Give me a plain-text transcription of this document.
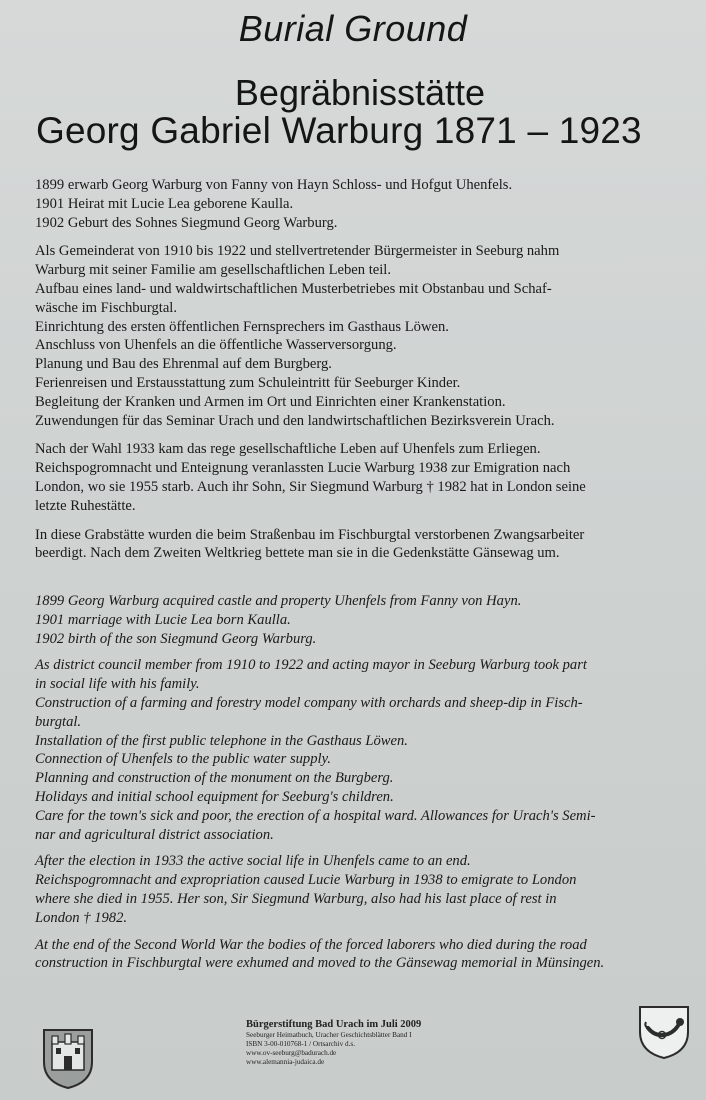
Burial Ground
Begräbnisstätte
Georg Gabriel Warburg 1871 – 1923

1899 erwarb Georg Warburg von Fanny von Hayn Schloss- und Hofgut Uhenfels.

1901 Heirat mit Lucie Lea geborene Kaulla.

1902 Geburt des Sohnes Siegmund Georg Warburg.

Als Gemeinderat von 1910 bis 1922 und stellvertretender Bürgermeister in Seeburg nahm

Warburg mit seiner Familie am gesellschaftlichen Leben teil.

Aufbau eines land- und waldwirtschaftlichen Musterbetriebes mit Obstanbau und Schaf-

wäsche im Fischburgtal.

Einrichtung des ersten öffentlichen Fernsprechers im Gasthaus Löwen.

Anschluss von Uhenfels an die öffentliche Wasserversorgung.

Planung und Bau des Ehrenmal auf dem Burgberg.

Ferienreisen und Erstausstattung zum Schuleintritt für Seeburger Kinder.

Begleitung der Kranken und Armen im Ort und Einrichten einer Krankenstation.

Zuwendungen für das Seminar Urach und den landwirtschaftlichen Bezirksverein Urach.

Nach der Wahl 1933 kam das rege gesellschaftliche Leben auf Uhenfels zum Erliegen.

Reichspogromnacht und Enteignung veranlassten Lucie Warburg 1938 zur Emigration nach

London, wo sie 1955 starb. Auch ihr Sohn, Sir Siegmund Warburg † 1982 hat in London seine

letzte Ruhestätte.

In diese Grabstätte wurden die beim Straßenbau im Fischburgtal verstorbenen Zwangsarbeiter

beerdigt. Nach dem Zweiten Weltkrieg bettete man sie in die Gedenkstätte Gänsewag um.

1899 Georg Warburg acquired castle and property Uhenfels from Fanny von Hayn.

1901 marriage with Lucie Lea born Kaulla.

1902 birth of the son Siegmund Georg Warburg.

As district council member from 1910 to 1922 and acting mayor in Seeburg Warburg took part

in social life with his family.

Construction of a farming and forestry model company with orchards and sheep-dip in Fisch-

burgtal.

Installation of the first public telephone in the Gasthaus Löwen.

Connection of Uhenfels to the public water supply.

Planning and construction of the monument on the Burgberg.

Holidays and initial school equipment for Seeburg's children.

Care for the town's sick and poor, the erection of a hospital ward. Allowances for Urach's Semi-

nar and agricultural district association.

After the election in 1933 the active social life in Uhenfels came to an end.

Reichspogromnacht and expropriation caused Lucie Warburg in 1938 to emigrate to London

where she died in 1955. Her son, Sir Siegmund Warburg, also had his last place of rest in

London † 1982.

At the end of the Second World War the bodies of the forced laborers who died during the road

construction in Fischburgtal were exhumed and moved to the Gänsewag memorial in Münsingen.

Bürgerstiftung Bad Urach im Juli 2009
Seeburger Heimatbuch, Uracher Geschichtsblätter Band I
ISBN 3-00-010768-1 / Ortsarchiv d.s.
www.ov-seeburg@badurach.de
www.alemannia-judaica.de
